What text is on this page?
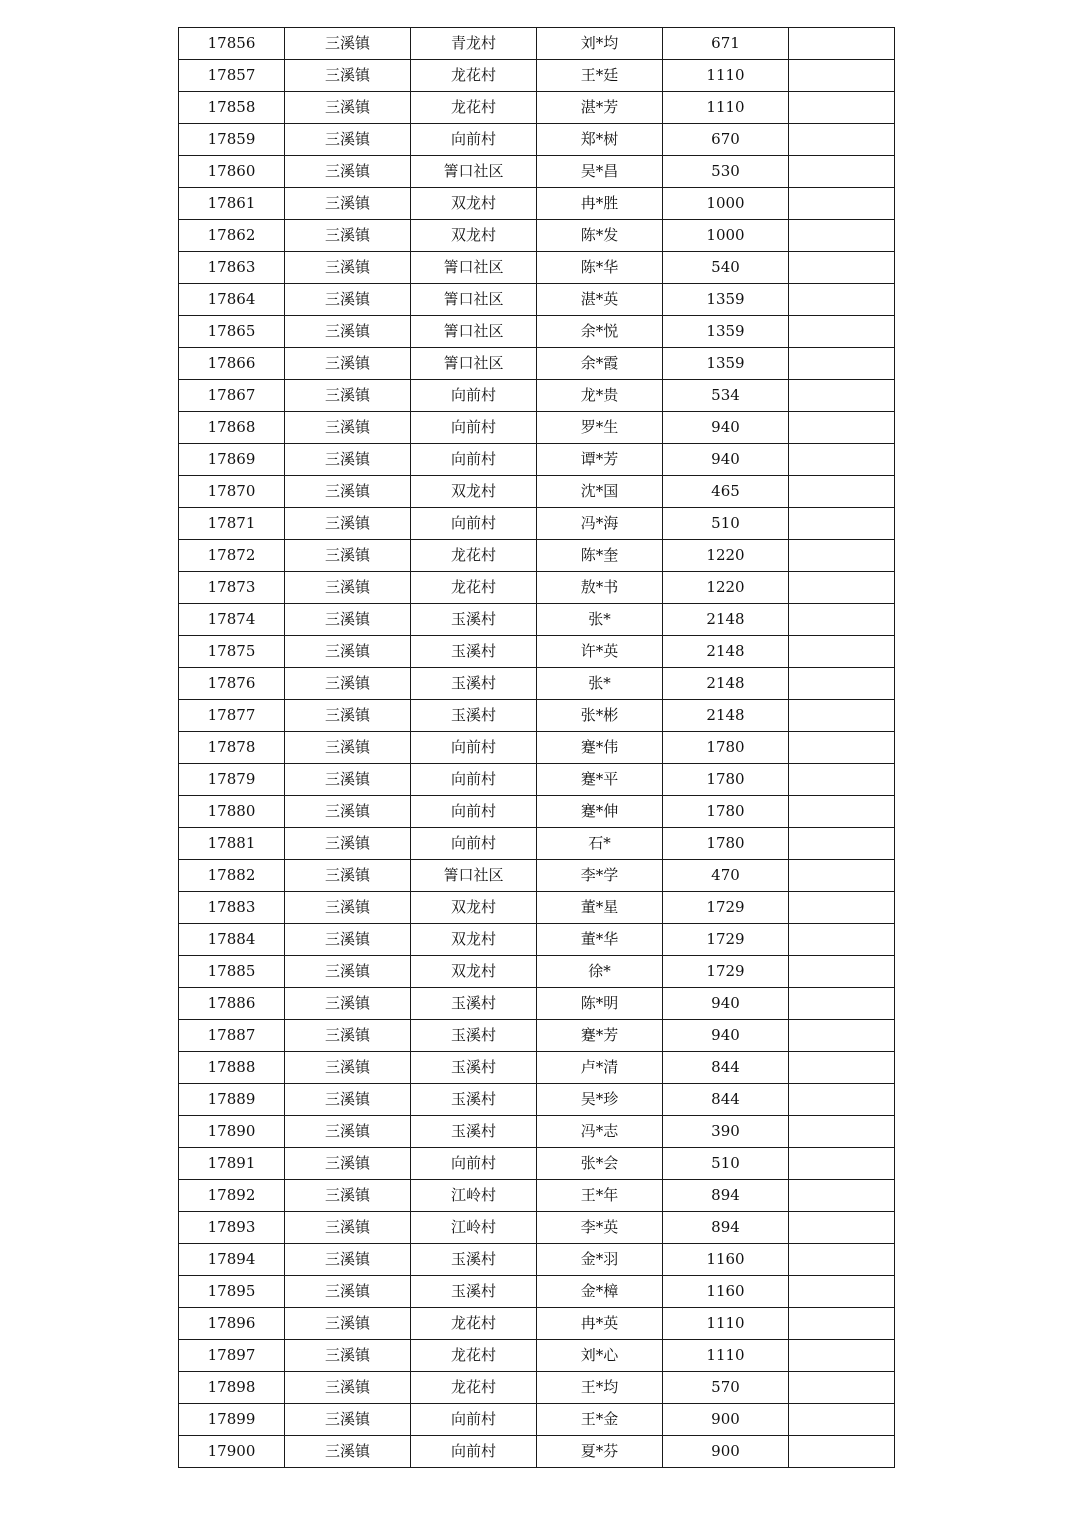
17856	三溪镇	青龙村	刘*均	671	
17857	三溪镇	龙花村	王*廷	1110	
17858	三溪镇	龙花村	湛*芳	1110	
17859	三溪镇	向前村	郑*树	670	
17860	三溪镇	箐口社区	吴*昌	530	
17861	三溪镇	双龙村	冉*胜	1000	
17862	三溪镇	双龙村	陈*发	1000	
17863	三溪镇	箐口社区	陈*华	540	
17864	三溪镇	箐口社区	湛*英	1359	
17865	三溪镇	箐口社区	余*悦	1359	
17866	三溪镇	箐口社区	余*霞	1359	
17867	三溪镇	向前村	龙*贵	534	
17868	三溪镇	向前村	罗*生	940	
17869	三溪镇	向前村	谭*芳	940	
17870	三溪镇	双龙村	沈*国	465	
17871	三溪镇	向前村	冯*海	510	
17872	三溪镇	龙花村	陈*奎	1220	
17873	三溪镇	龙花村	敖*书	1220	
17874	三溪镇	玉溪村	张*	2148	
17875	三溪镇	玉溪村	许*英	2148	
17876	三溪镇	玉溪村	张*	2148	
17877	三溪镇	玉溪村	张*彬	2148	
17878	三溪镇	向前村	蹇*伟	1780	
17879	三溪镇	向前村	蹇*平	1780	
17880	三溪镇	向前村	蹇*伸	1780	
17881	三溪镇	向前村	石*	1780	
17882	三溪镇	箐口社区	李*学	470	
17883	三溪镇	双龙村	董*星	1729	
17884	三溪镇	双龙村	董*华	1729	
17885	三溪镇	双龙村	徐*	1729	
17886	三溪镇	玉溪村	陈*明	940	
17887	三溪镇	玉溪村	蹇*芳	940	
17888	三溪镇	玉溪村	卢*清	844	
17889	三溪镇	玉溪村	吴*珍	844	
17890	三溪镇	玉溪村	冯*志	390	
17891	三溪镇	向前村	张*会	510	
17892	三溪镇	江岭村	王*年	894	
17893	三溪镇	江岭村	李*英	894	
17894	三溪镇	玉溪村	金*羽	1160	
17895	三溪镇	玉溪村	金*樟	1160	
17896	三溪镇	龙花村	冉*英	1110	
17897	三溪镇	龙花村	刘*心	1110	
17898	三溪镇	龙花村	王*均	570	
17899	三溪镇	向前村	王*金	900	
17900	三溪镇	向前村	夏*芬	900	
